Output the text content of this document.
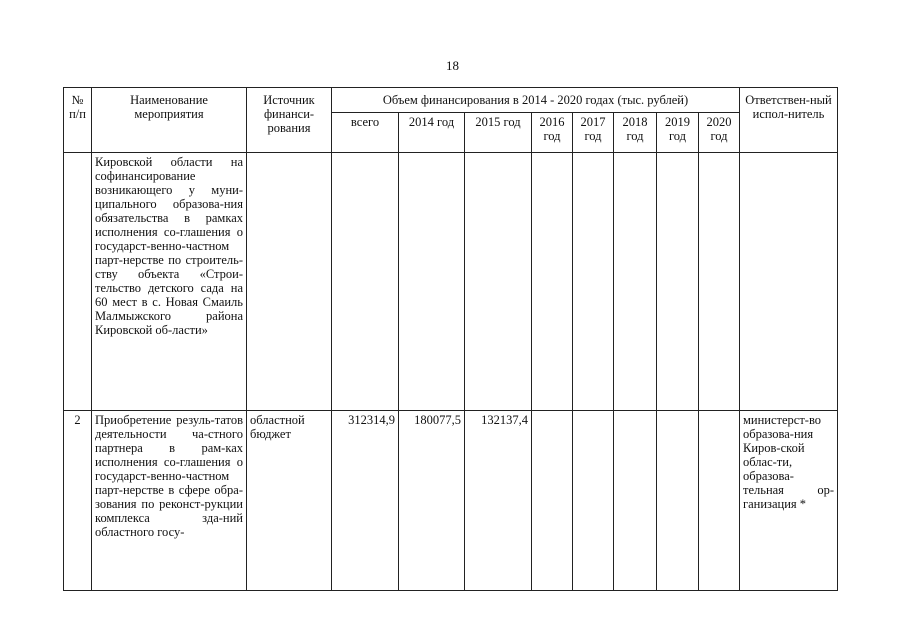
18
№ п/п	Наименование мероприятия	Источник финанси-рования	Объем финансирования в 2014 - 2020 годах (тыс. рублей)								Ответствен-ный испол-нитель
			всего	2014 год	2015 год	2016 год	2017 год	2018 год	2019 год	2020 год	
	Кировской области на софинансирование возникающего у муни-ципального образова-ния обязательства в рамках исполнения со-глашения о государст-венно-частном парт-нерстве по строитель-ству объекта «Строи-тельство детского сада на 60 мест в с. Новая Смаиль Малмыжского района Кировской об-ласти»										
2	Приобретение резуль-татов деятельности ча-стного партнера в рам-ках исполнения со-глашения о государст-венно-частном парт-нерстве в сфере обра-зования по реконст-рукции комплекса зда-ний областного госу-	областной бюджет	312314,9	180077,5	132137,4						министерст-во образова-ния Киров-ской облас-ти, образова-тельная ор-ганизация *
